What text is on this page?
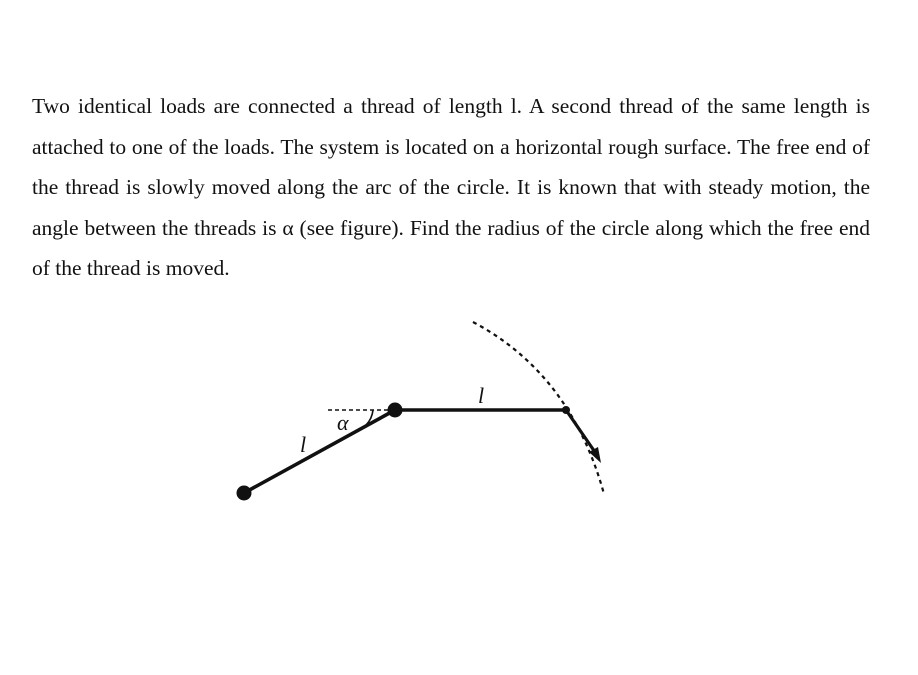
Two identical loads are connected a thread of length l. A second thread of the same length is attached to one of the loads. The system is located on a horizontal rough surface. The free end of the thread is slowly moved along the arc of the circle. It is known that with steady motion, the angle between the threads is α (see figure). Find the radius of the circle along which the free end of the thread is moved.

l
l
α
